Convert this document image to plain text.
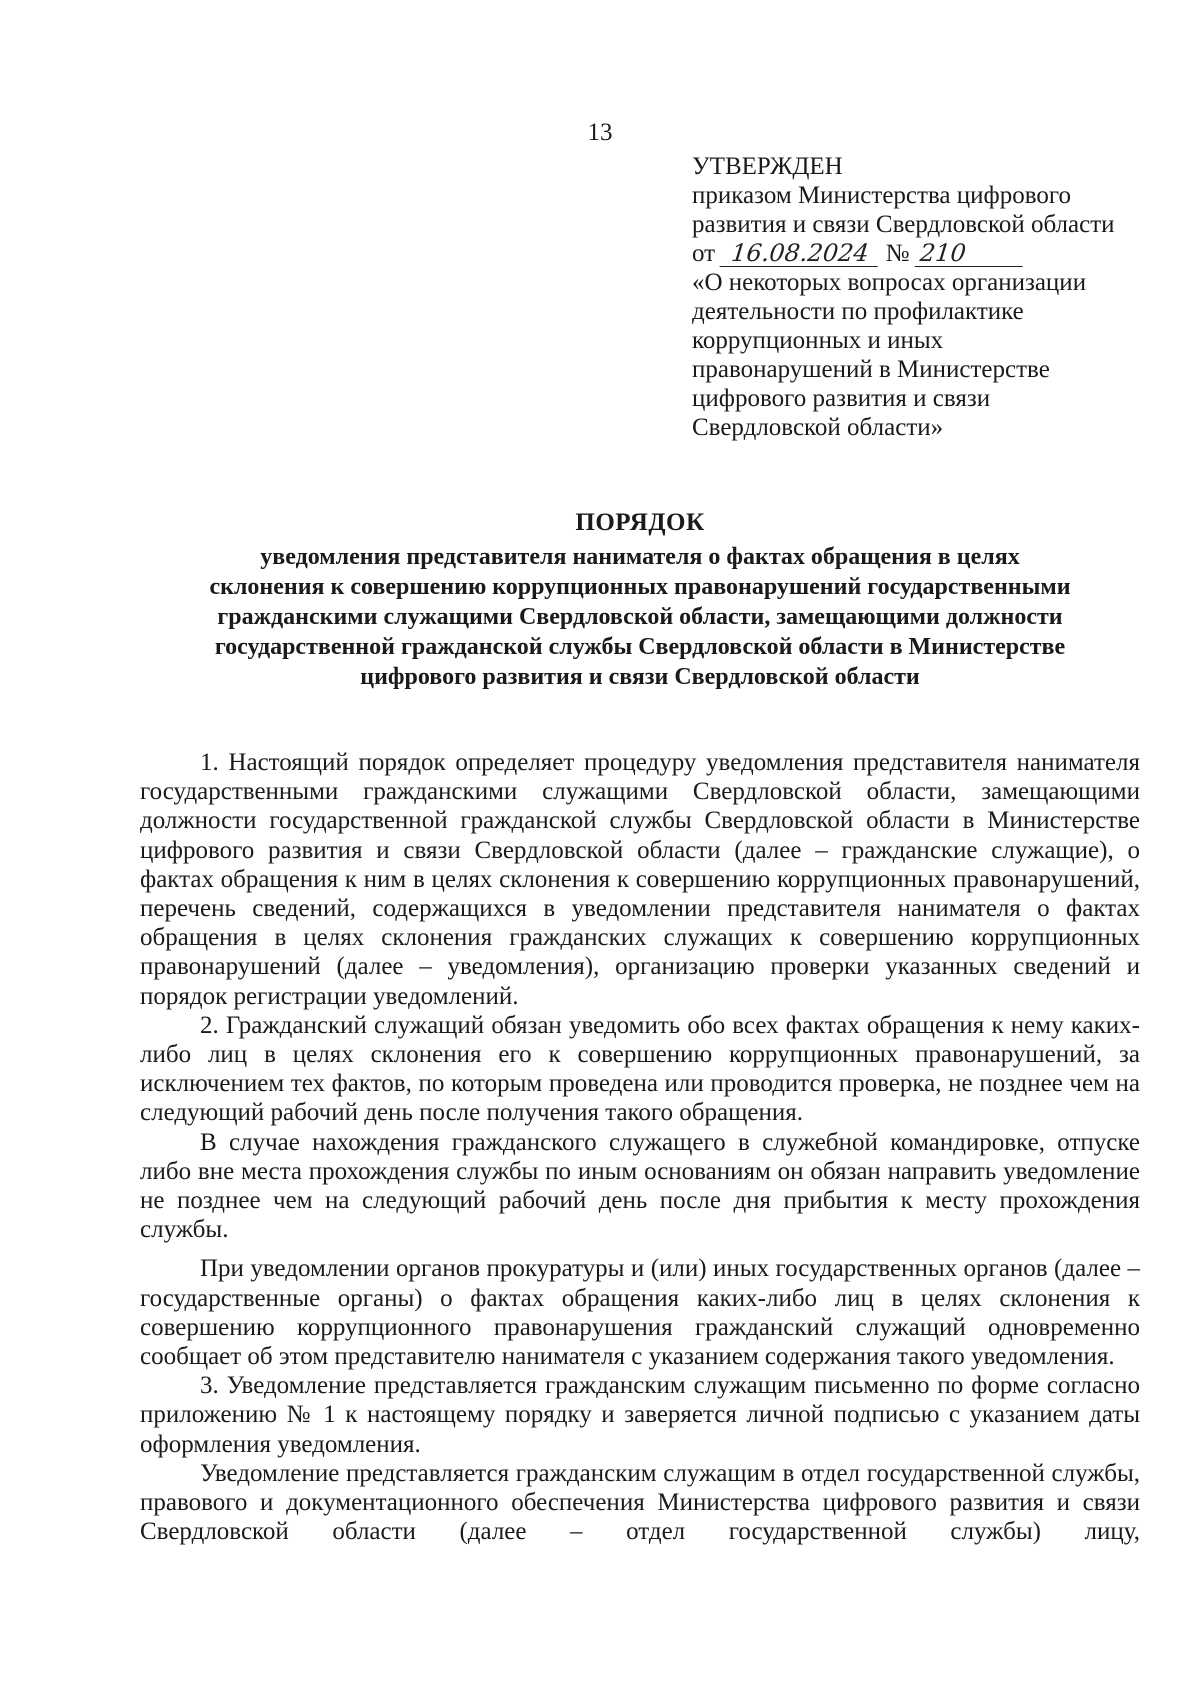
13
УТВЕРЖДЕН
приказом Министерства цифрового
развития и связи Свердловской области
от 16.08.2024 № 210
«О некоторых вопросах организации
деятельности по профилактике
коррупционных и иных
правонарушений в Министерстве
цифрового развития и связи
Свердловской области»
ПОРЯДОК
уведомления представителя нанимателя о фактах обращения в целях
склонения к совершению коррупционных правонарушений государственными
гражданскими служащими Свердловской области, замещающими должности
государственной гражданской службы Свердловской области в Министерстве
цифрового развития и связи Свердловской области

1. Настоящий порядок определяет процедуру уведомления представителя нанимателя государственными гражданскими служащими Свердловской области, замещающими должности государственной гражданской службы Свердловской области в Министерстве цифрового развития и связи Свердловской области (далее – гражданские служащие), о фактах обращения к ним в целях склонения к совершению коррупционных правонарушений, перечень сведений, содержащихся в уведомлении представителя нанимателя о фактах обращения в целях склонения гражданских служащих к совершению коррупционных правонарушений (далее – уведомления), организацию проверки указанных сведений и порядок регистрации уведомлений.

2. Гражданский служащий обязан уведомить обо всех фактах обращения к нему каких-либо лиц в целях склонения его к совершению коррупционных правонарушений, за исключением тех фактов, по которым проведена или проводится проверка, не позднее чем на следующий рабочий день после получения такого обращения.

В случае нахождения гражданского служащего в служебной командировке, отпуске либо вне места прохождения службы по иным основаниям он обязан направить уведомление не позднее чем на следующий рабочий день после дня прибытия к месту прохождения службы.

При уведомлении органов прокуратуры и (или) иных государственных органов (далее – государственные органы) о фактах обращения каких-либо лиц в целях склонения к совершению коррупционного правонарушения гражданский служащий одновременно сообщает об этом представителю нанимателя с указанием содержания такого уведомления.

3. Уведомление представляется гражданским служащим письменно по форме согласно приложению № 1 к настоящему порядку и заверяется личной подписью с указанием даты оформления уведомления.

Уведомление представляется гражданским служащим в отдел государственной службы, правового и документационного обеспечения Министерства цифрового развития и связи Свердловской области (далее – отдел государственной службы) лицу,
